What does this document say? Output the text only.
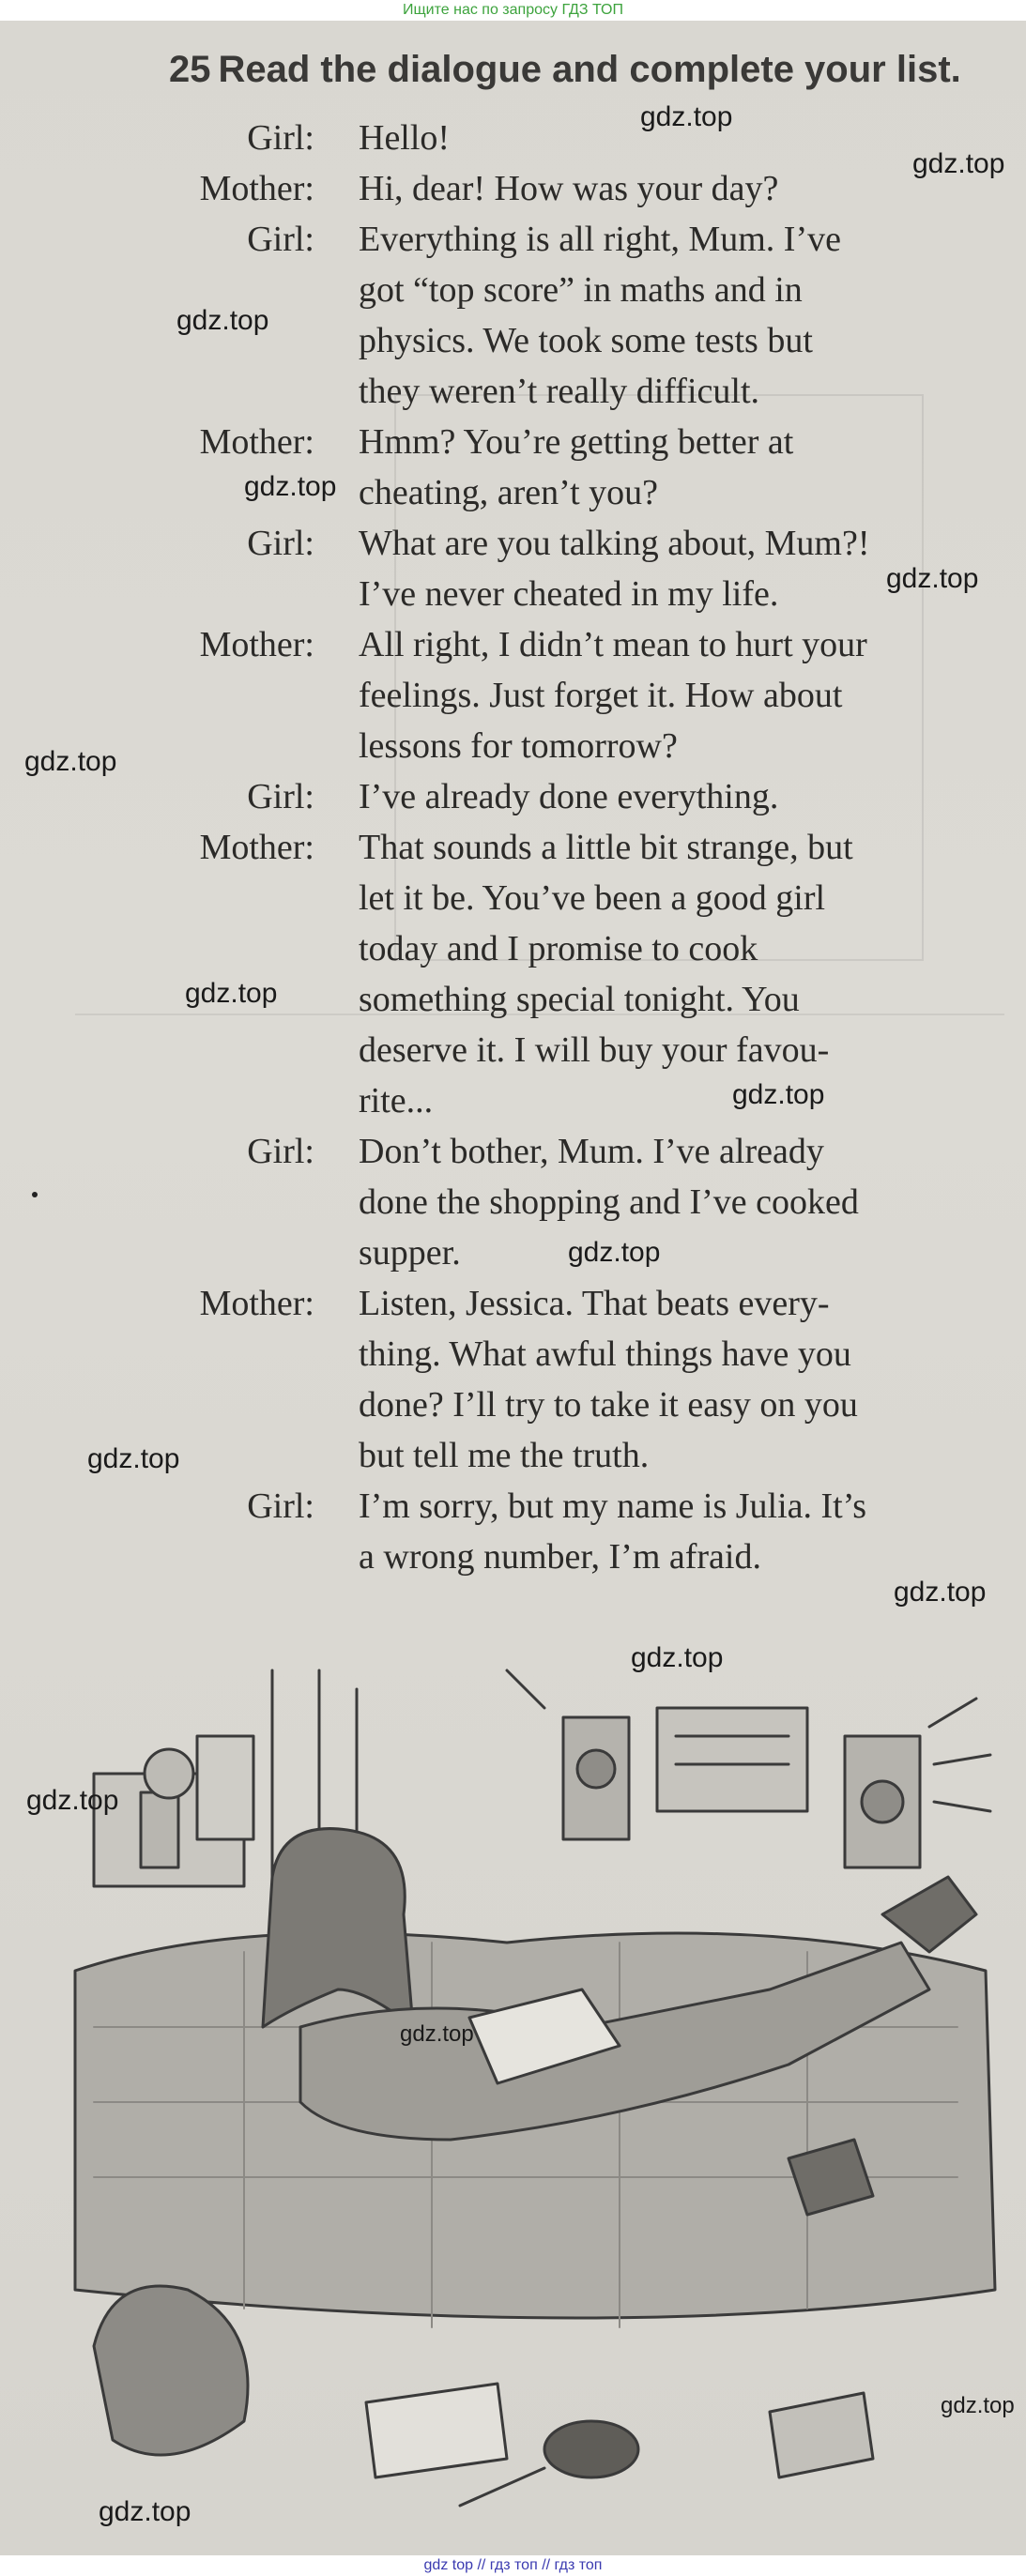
Ищите нас по запросу ГДЗ ТОП
25 Read the dialogue and complete your list.
Girl: Hello!
Mother: Hi, dear! How was your day?
Girl: Everything is all right, Mum. I’ve
got “top score” in maths and in
physics. We took some tests but
they weren’t really difficult.
Mother: Hmm? You’re getting better at
cheating, aren’t you?
Girl: What are you talking about, Mum?!
I’ve never cheated in my life.
Mother: All right, I didn’t mean to hurt your
feelings. Just forget it. How about
lessons for tomorrow?
Girl: I’ve already done everything.
Mother: That sounds a little bit strange, but
let it be. You’ve been a good girl
today and I promise to cook
something special tonight. You
deserve it. I will buy your favou-
rite...
Girl: Don’t bother, Mum. I’ve already
done the shopping and I’ve cooked
supper.
Mother: Listen, Jessica. That beats every-
thing. What awful things have you
done? I’ll try to take it easy on you
but tell me the truth.
Girl: I’m sorry, but my name is Julia. It’s
a wrong number, I’m afraid.
gdz.top
gdz.top
gdz.top
gdz.top
gdz.top
gdz.top
gdz.top
gdz.top
gdz.top
gdz.top
gdz.top
gdz.top
gdz.top
gdz.top
gdz.top
gdz.top
gdz top // гдз топ // гдз топ
